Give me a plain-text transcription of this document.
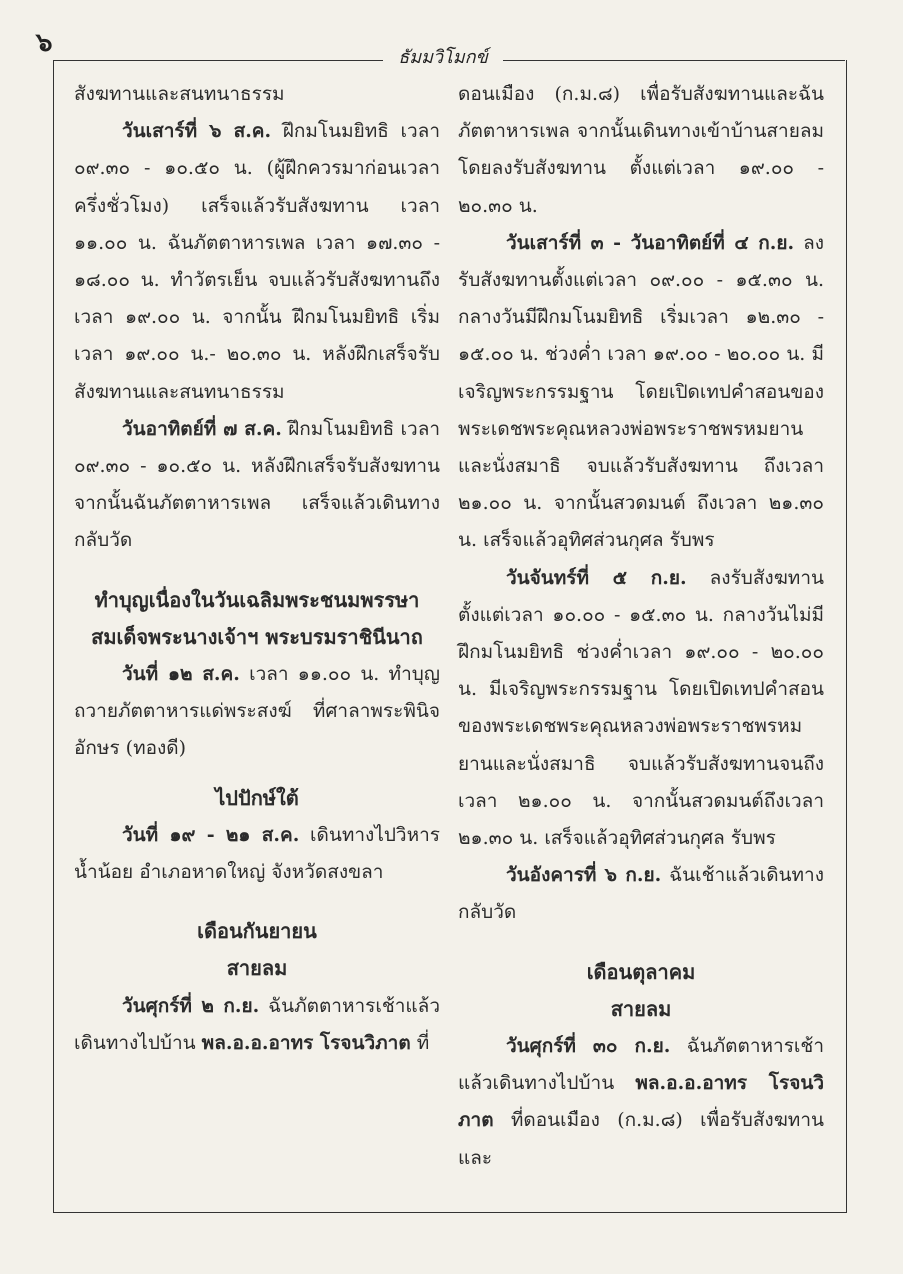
๖	ธัมมวิโมกข์

สังฆทานและสนทนาธรรม

วันเสาร์ที่ ๖ ส.ค. ฝึกมโนมยิทธิ เวลา ๐๙.๓๐ - ๑๐.๕๐ น. (ผู้ฝึกควรมาก่อนเวลาครึ่งชั่วโมง) เสร็จแล้วรับสังฆทาน เวลา ๑๑.๐๐ น. ฉันภัตตาหารเพล เวลา ๑๗.๓๐ - ๑๘.๐๐ น. ทำวัตรเย็น จบแล้วรับสังฆทานถึงเวลา ๑๙.๐๐ น. จากนั้น ฝึกมโนมยิทธิ เริ่มเวลา ๑๙.๐๐ น.- ๒๐.๓๐ น. หลังฝึกเสร็จรับสังฆทานและสนทนาธรรม

วันอาทิตย์ที่ ๗ ส.ค. ฝึกมโนมยิทธิ เวลา ๐๙.๓๐ - ๑๐.๕๐ น. หลังฝึกเสร็จรับสังฆทาน จากนั้นฉันภัตตาหารเพล เสร็จแล้วเดินทางกลับวัด

ทำบุญเนื่องในวันเฉลิมพระชนมพรรษา

สมเด็จพระนางเจ้าฯ พระบรมราชินีนาถ

วันที่ ๑๒ ส.ค. เวลา ๑๑.๐๐ น. ทำบุญถวายภัตตาหารแด่พระสงฆ์ ที่ศาลาพระพินิจอักษร (ทองดี)

ไปปักษ์ใต้

วันที่ ๑๙ - ๒๑ ส.ค. เดินทางไปวิหารน้ำน้อย อำเภอหาดใหญ่ จังหวัดสงขลา

เดือนกันยายน

สายลม

วันศุกร์ที่ ๒ ก.ย. ฉันภัตตาหารเช้าแล้วเดินทางไปบ้าน พล.อ.อ.อาทร โรจนวิภาต ที่

ดอนเมือง (ก.ม.๘) เพื่อรับสังฆทานและฉันภัตตาหารเพล จากนั้นเดินทางเข้าบ้านสายลมโดยลงรับสังฆทาน ตั้งแต่เวลา ๑๙.๐๐ - ๒๐.๓๐ น.

วันเสาร์ที่ ๓ - วันอาทิตย์ที่ ๔ ก.ย. ลงรับสังฆทานตั้งแต่เวลา ๐๙.๐๐ - ๑๕.๓๐ น. กลางวันมีฝึกมโนมยิทธิ เริ่มเวลา ๑๒.๓๐ - ๑๕.๐๐ น. ช่วงค่ำ เวลา ๑๙.๐๐ - ๒๐.๐๐ น. มีเจริญพระกรรมฐาน โดยเปิดเทปคำสอนของพระเดชพระคุณหลวงพ่อพระราชพรหมยานและนั่งสมาธิ จบแล้วรับสังฆทาน ถึงเวลา ๒๑.๐๐ น. จากนั้นสวดมนต์ ถึงเวลา ๒๑.๓๐ น. เสร็จแล้วอุทิศส่วนกุศล รับพร

วันจันทร์ที่ ๕ ก.ย. ลงรับสังฆทาน ตั้งแต่เวลา ๑๐.๐๐ - ๑๕.๓๐ น. กลางวันไม่มีฝึกมโนมยิทธิ ช่วงค่ำเวลา ๑๙.๐๐ - ๒๐.๐๐ น. มีเจริญพระกรรมฐาน โดยเปิดเทปคำสอนของพระเดชพระคุณหลวงพ่อพระราชพรหมยานและนั่งสมาธิ จบแล้วรับสังฆทานจนถึง เวลา ๒๑.๐๐ น. จากนั้นสวดมนต์ถึงเวลา ๒๑.๓๐ น. เสร็จแล้วอุทิศส่วนกุศล รับพร

วันอังคารที่ ๖ ก.ย. ฉันเช้าแล้วเดินทางกลับวัด

เดือนตุลาคม

สายลม

วันศุกร์ที่ ๓๐ ก.ย. ฉันภัตตาหารเช้าแล้วเดินทางไปบ้าน พล.อ.อ.อาทร โรจนวิภาต ที่ดอนเมือง (ก.ม.๘) เพื่อรับสังฆทาน และ
